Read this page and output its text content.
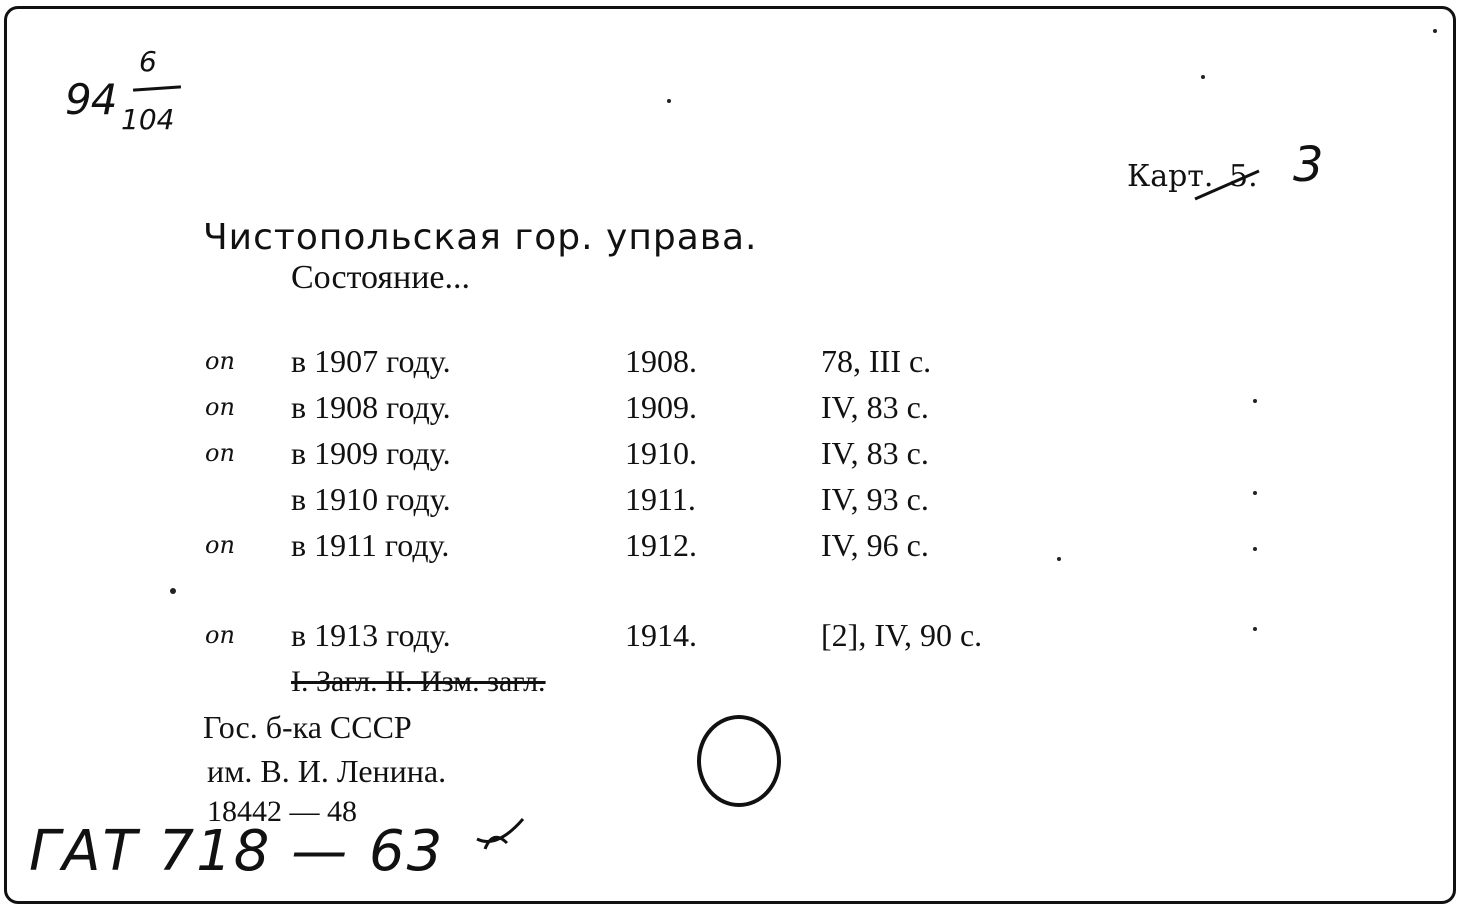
94
6
104
Карт. 5. 3
Чистопольская гор. управа.
Состояние...
оп в 1907 году.	1908.	78, III с.
оп в 1908 году.	1909.	IV, 83 с.
оп в 1909 году.	1910.	IV, 83 с.
в 1910 году.	1911.	IV, 93 с.
оп в 1911 году.	1912.	IV, 96 с.
оп в 1913 году.	1914.	[2], IV, 90 с.
I. Загл. II. Изм. загл.
Гос. б-ка СССР
им. В. И. Ленина.
18442 — 48
ГАТ 718 — 63
